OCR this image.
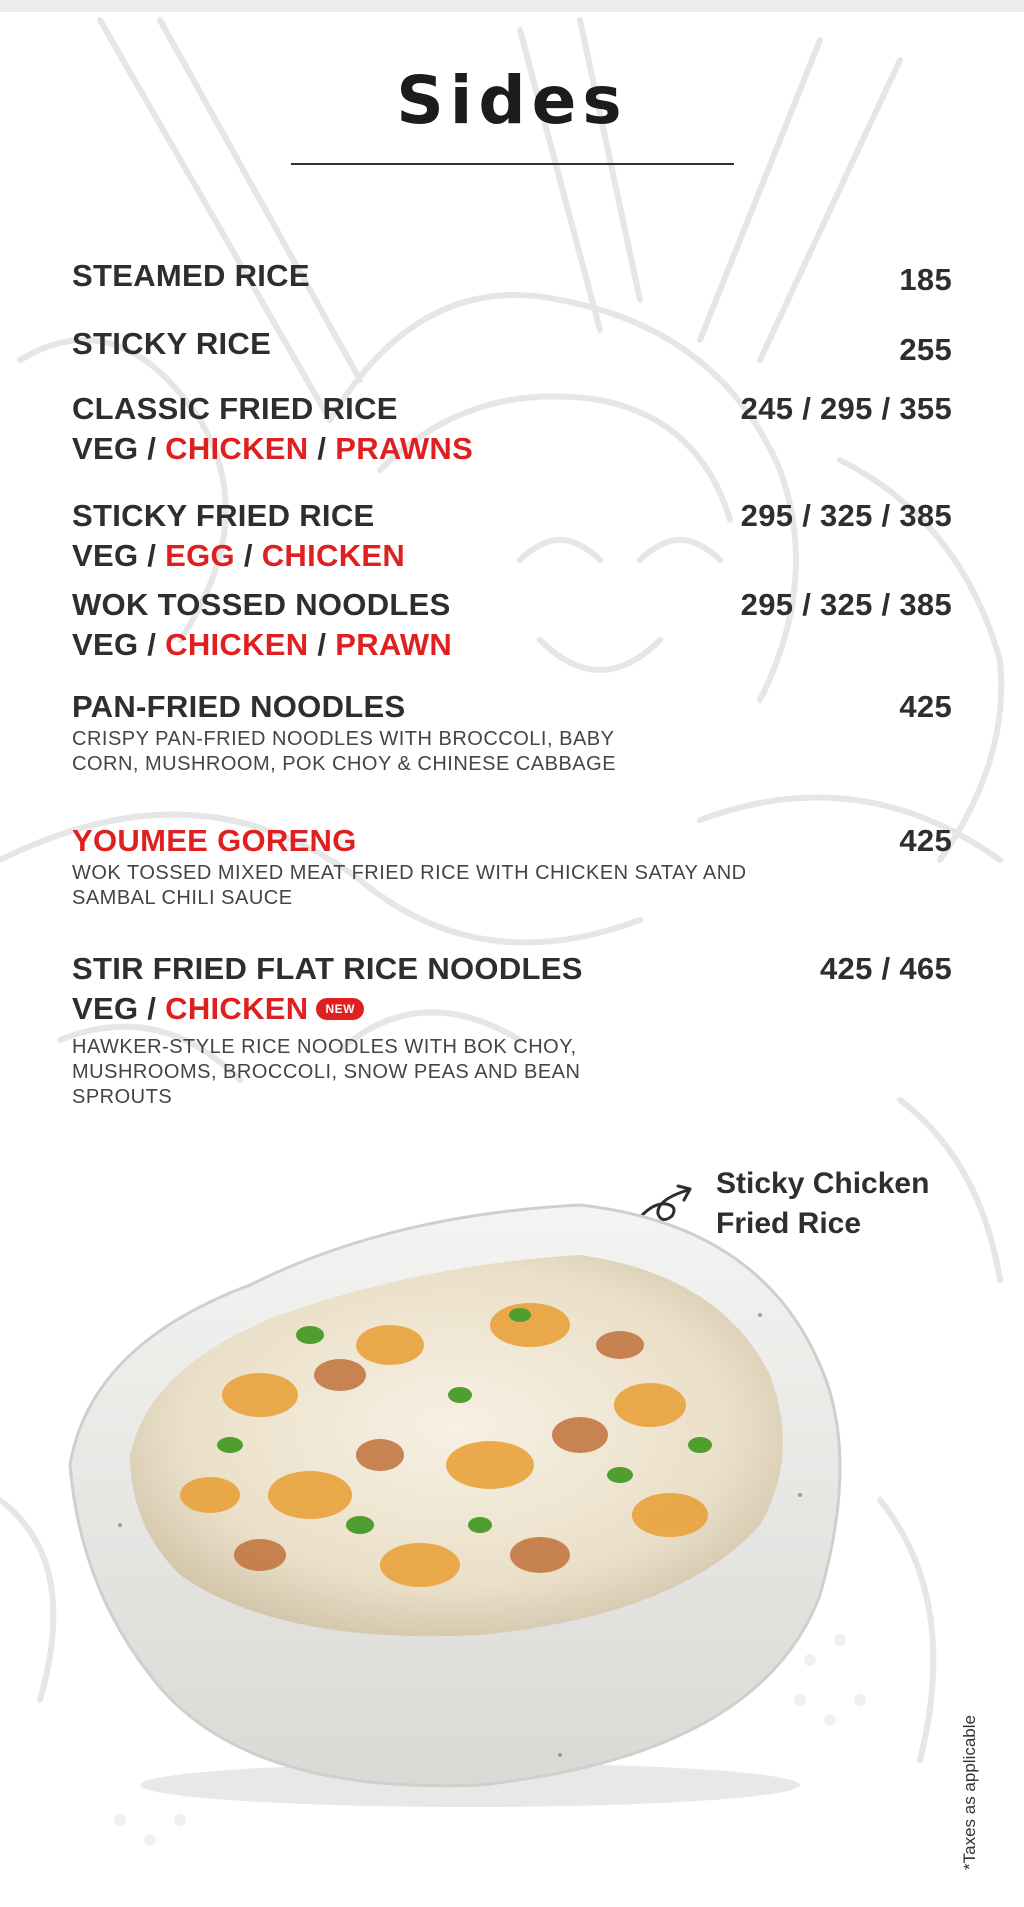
Sides
STEAMED RICE	185
STICKY RICE	255
CLASSIC FRIED RICE
VEG / CHICKEN / PRAWNS
245 / 295 / 355
STICKY FRIED RICE
VEG / EGG / CHICKEN
295 / 325 / 385
WOK TOSSED NOODLES
VEG / CHICKEN / PRAWN
295 / 325 / 385
PAN-FRIED NOODLES
CRISPY PAN-FRIED NOODLES WITH BROCCOLI, BABY CORN, MUSHROOM, POK CHOY & CHINESE CABBAGE
425
YOUMEE GORENG
WOK TOSSED MIXED MEAT FRIED RICE WITH CHICKEN SATAY AND SAMBAL CHILI SAUCE
425
STIR FRIED FLAT RICE NOODLES
VEG / CHICKEN NEW
HAWKER-STYLE RICE NOODLES WITH BOK CHOY, MUSHROOMS, BROCCOLI, SNOW PEAS AND BEAN SPROUTS
425 / 465
Sticky Chicken
Fried Rice
*Taxes as applicable
